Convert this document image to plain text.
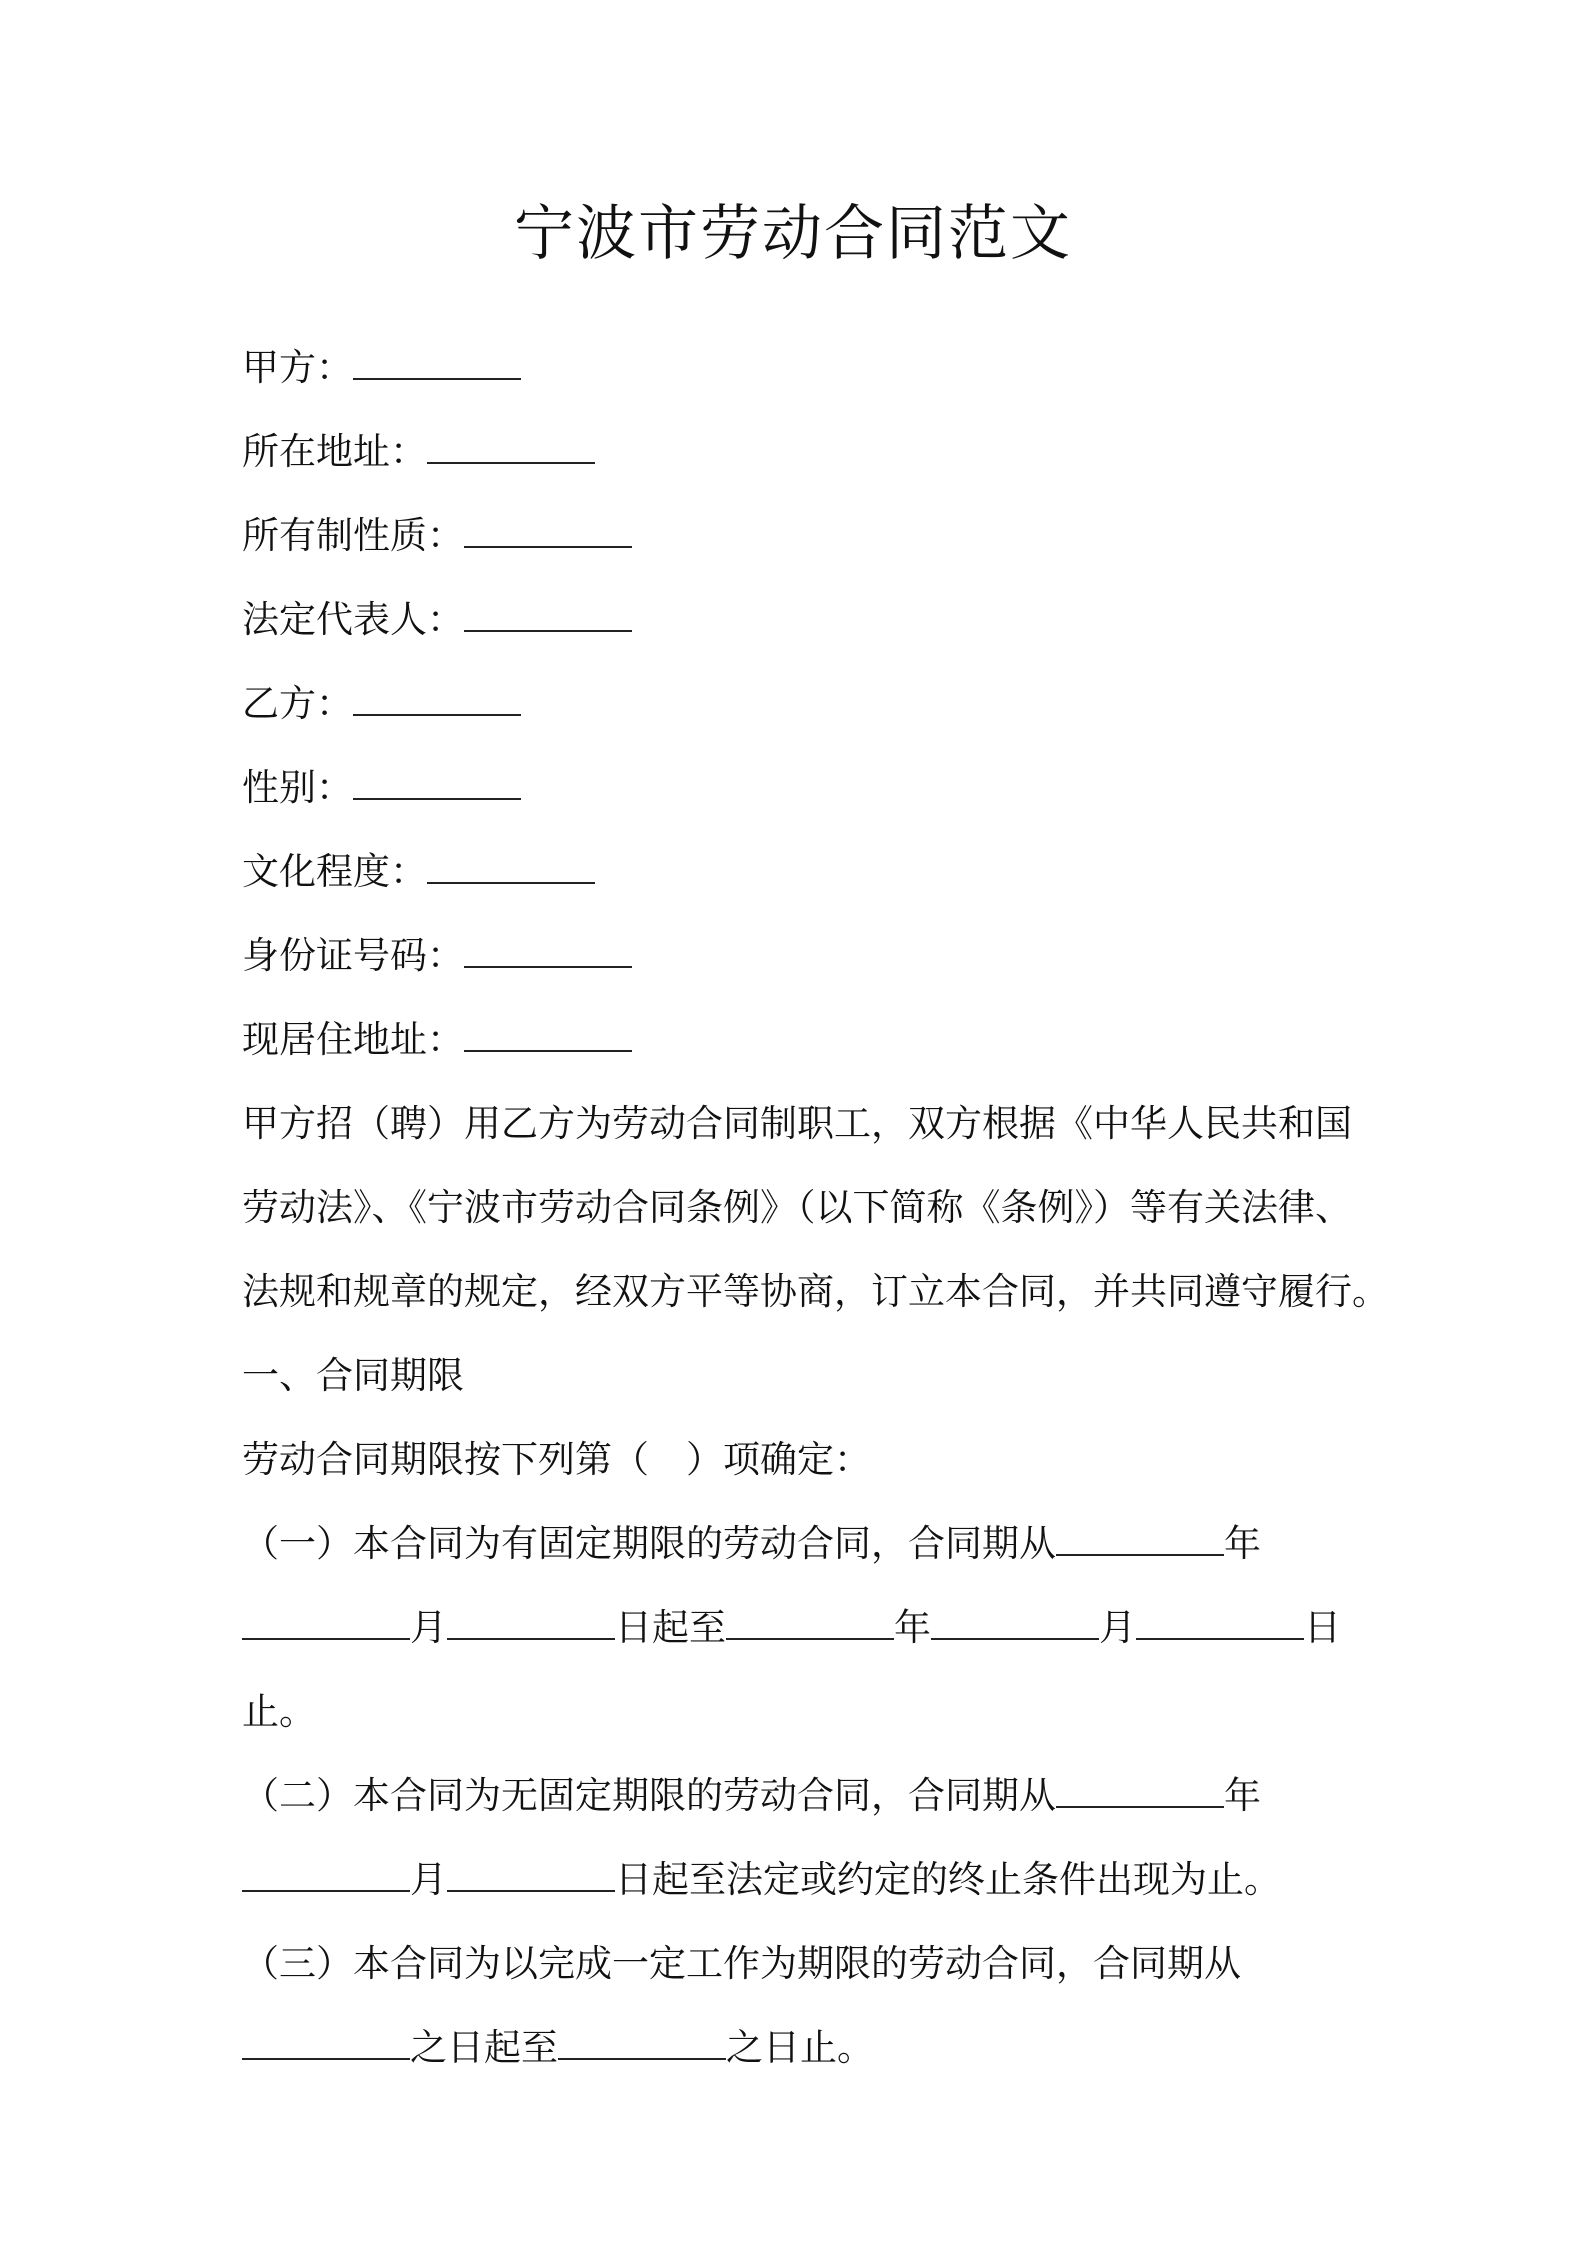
宁波市劳动合同范文
甲方：
所在地址：
所有制性质：
法定代表人：
乙方：
性别：
文化程度：
身份证号码：
现居住地址：
甲方招（聘）用乙方为劳动合同制职工，双方根据《中华人民共和国
劳动法》、《宁波市劳动合同条例》（以下简称《条例》）等有关法律、
法规和规章的规定，经双方平等协商，订立本合同，并共同遵守履行。
一、合同期限
劳动合同期限按下列第（　）项确定：
（一）本合同为有固定期限的劳动合同，合同期从	年
月	日起至	年	月	日
止。
（二）本合同为无固定期限的劳动合同，合同期从	年
月	日起至法定或约定的终止条件出现为止。
（三）本合同为以完成一定工作为期限的劳动合同，合同期从
之日起至	之日止。
